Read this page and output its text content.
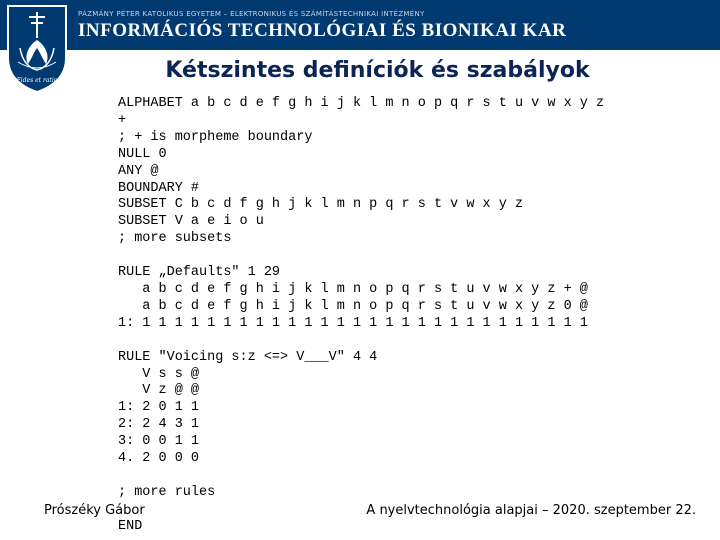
PÁZMÁNY PÉTER KATOLIKUS EGYETEM – ELEKTRONIKUS ÉS SZÁMÍTÁSTECHNIKAI INTÉZMÉNY
INFORMÁCIÓS TECHNOLÓGIAI ÉS BIONIKAI KAR
Fides et ratio	Kétszintes definíciók és szabályok
ALPHABET a b c d e f g h i j k l m n o p q r s t u v w x y z
+
; + is morpheme boundary
NULL 0
ANY @
BOUNDARY #
SUBSET C b c d f g h j k l m n p q r s t v w x y z
SUBSET V a e i o u
; more subsets

RULE „Defaults" 1 29
a b c d e f g h i j k l m n o p q r s t u v w x y z + @
a b c d e f g h i j k l m n o p q r s t u v w x y z 0 @
1: 1 1 1 1 1 1 1 1 1 1 1 1 1 1 1 1 1 1 1 1 1 1 1 1 1 1 1 1

RULE "Voicing s:z <=> V___V" 4 4
V s s @
V z @ @
1: 2 0 1 1
2: 2 4 3 1
3: 0 0 1 1
4. 2 0 0 0

; more rules

END
Prószéky Gábor	A nyelvtechnológia alapjai – 2020. szeptember 22.
